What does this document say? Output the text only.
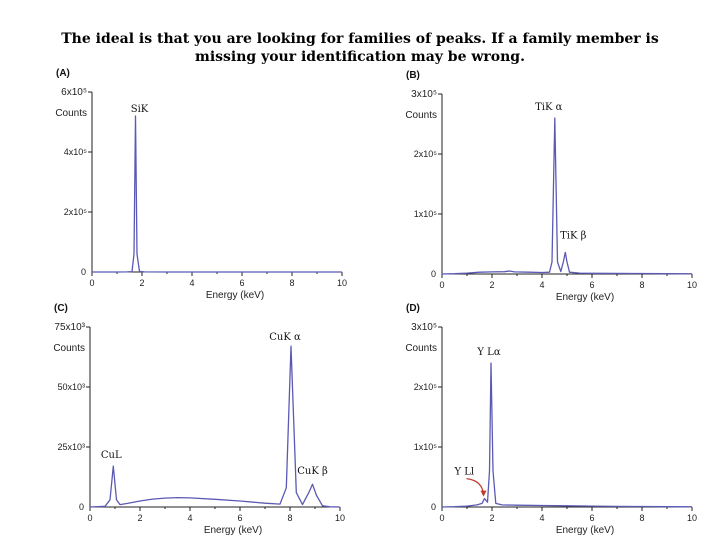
The ideal is that you are looking for families of peaks. If a family member is
missing your identification may be wrong.
(A)
6x10⁵
Counts
2x10⁵
4x10⁵
0
0	2	4	6	8	10
Energy (keV)
SiK
(B)
3x10⁵
Counts
1x10⁵
2x10⁵
0
0	2	4	6	8	10
Energy (keV)
TiK α
TiK β
(C)
75x10³
Counts
25x10³
50x10³
0
0	2	4	6	8	10
Energy (keV)
CuL
CuK α
CuK β
(D)
3x10⁵
Counts
1x10⁵
2x10⁵
0
0	2	4	6	8	10
Energy (keV)
Y Lα
Y Ll
